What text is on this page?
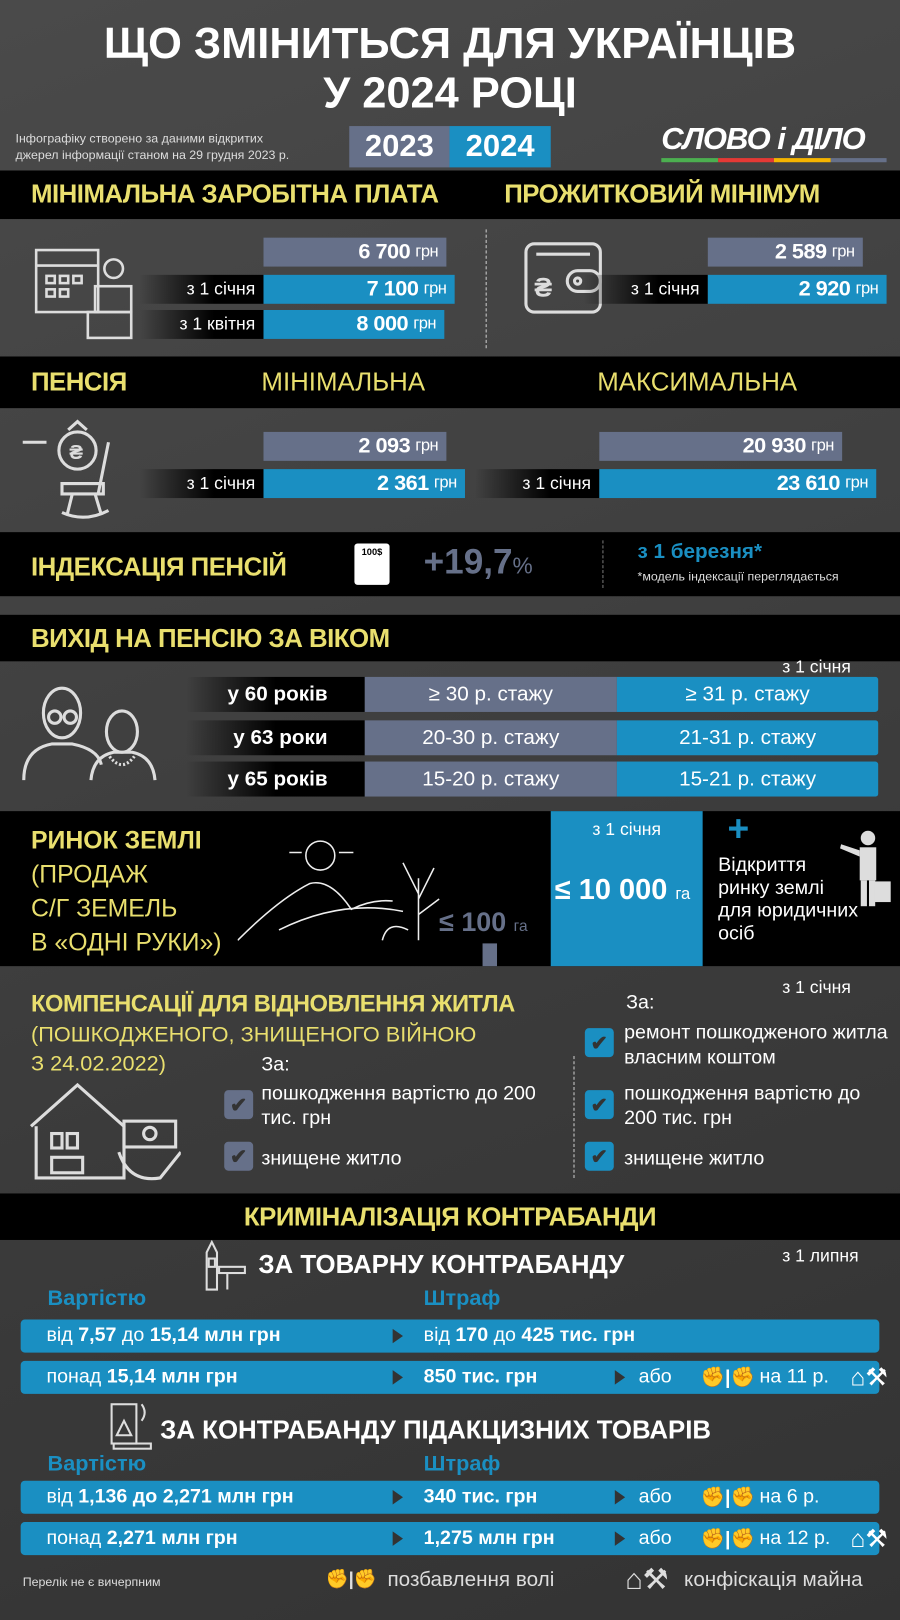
ЩО ЗМІНИТЬСЯ ДЛЯ УКРАЇНЦІВ
У 2024 РОЦІ
Інфографіку створено за даними відкритих
джерел інформації станом на 29 грудня 2023 р.	2023	2024	СЛОВО і ДІЛО
МІНІМАЛЬНА ЗАРОБІТНА ПЛАТА	ПРОЖИТКОВИЙ МІНІМУМ
6 700 грн
з 1 січня	7 100 грн
з 1 квітня	8 000 грн
₴
2 589 грн
з 1 січня	2 920 грн
ПЕНСІЯ	МІНІМАЛЬНА	МАКСИМАЛЬНА
₴	2 093 грн
з 1 січня	2 361 грн
20 930 грн
з 1 січня	23 610 грн
ІНДЕКСАЦІЯ ПЕНСІЙ
100$ +19,7%
з 1 березня*
*модель індексації переглядається
ВИХІД НА ПЕНСІЮ ЗА ВІКОМ
з 1 січня
у 60 років	≥ 30 р. стажу	≥ 31 р. стажу
у 63 роки	20-30 р. стажу	21-31 р. стажу
у 65 років	15-20 р. стажу	15-21 р. стажу
РИНОК ЗЕМЛІ
(ПРОДАЖ
С/Г ЗЕМЕЛЬ
В «ОДНІ РУКИ»)
≤ 100 га
з 1 січня
≤ 10 000 га
+
Відкриття
ринку землі
для юридичних
осіб
КОМПЕНСАЦІЇ ДЛЯ ВІДНОВЛЕННЯ ЖИТЛА
(ПОШКОДЖЕНОГО, ЗНИЩЕНОГО ВІЙНОЮ
З 24.02.2022)
з 1 січня
За:
✔ пошкодження вартістю до 200 тис. грн
✔ знищене житло
За:
✔ ремонт пошкодженого житла власним коштом
✔ пошкодження вартістю до 200 тис. грн
✔ знищене житло
КРИМІНАЛІЗАЦІЯ КОНТРАБАНДИ
з 1 липня
ЗА ТОВАРНУ КОНТРАБАНДУ
Вартістю	Штраф
від 7,57 до 15,14 млн грн	від 170 до 425 тис. грн
понад 15,14 млн грн	850 тис. грн	або ✊|✊ на 11 р. ⌂⚒
ЗА КОНТРАБАНДУ ПІДАКЦИЗНИХ ТОВАРІВ
Вартістю	Штраф
від 1,136 до 2,271 млн грн	340 тис. грн	або ✊|✊ на 6 р.
понад 2,271 млн грн	1,275 млн грн	або ✊|✊ на 12 р. ⌂⚒
Перелік не є вичерпним	✊|✊ позбавлення волі	⌂⚒ конфіскація майна
